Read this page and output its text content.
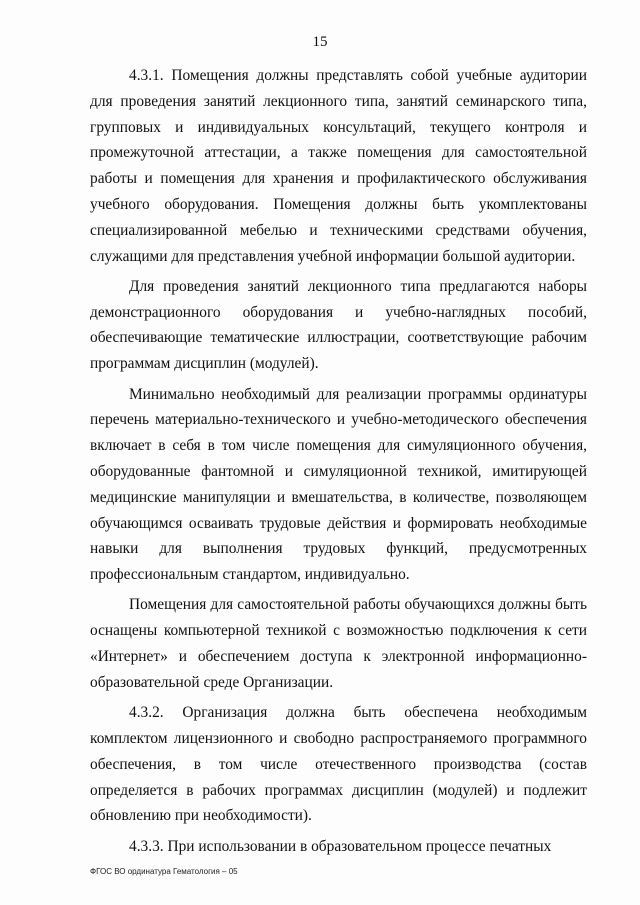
15

4.3.1. Помещения должны представлять собой учебные аудитории для проведения занятий лекционного типа, занятий семинарского типа, групповых и индивидуальных консультаций, текущего контроля и промежуточной аттестации, а также помещения для самостоятельной работы и помещения для хранения и профилактического обслуживания учебного оборудования. Помещения должны быть укомплектованы специализированной мебелью и техническими средствами обучения, служащими для представления учебной информации большой аудитории.

Для проведения занятий лекционного типа предлагаются наборы демонстрационного оборудования и учебно-наглядных пособий, обеспечивающие тематические иллюстрации, соответствующие рабочим программам дисциплин (модулей).

Минимально необходимый для реализации программы ординатуры перечень материально-технического и учебно-методического обеспечения включает в себя в том числе помещения для симуляционного обучения, оборудованные фантомной и симуляционной техникой, имитирующей медицинские манипуляции и вмешательства, в количестве, позволяющем обучающимся осваивать трудовые действия и формировать необходимые навыки для выполнения трудовых функций, предусмотренных профессиональным стандартом, индивидуально.

Помещения для самостоятельной работы обучающихся должны быть оснащены компьютерной техникой с возможностью подключения к сети «Интернет» и обеспечением доступа к электронной информационно-образовательной среде Организации.

4.3.2. Организация должна быть обеспечена необходимым комплектом лицензионного и свободно распространяемого программного обеспечения, в том числе отечественного производства (состав определяется в рабочих программах дисциплин (модулей) и подлежит обновлению при необходимости).

4.3.3. При использовании в образовательном процессе печатных

ФГОС ВО ординатура Гематология – 05
